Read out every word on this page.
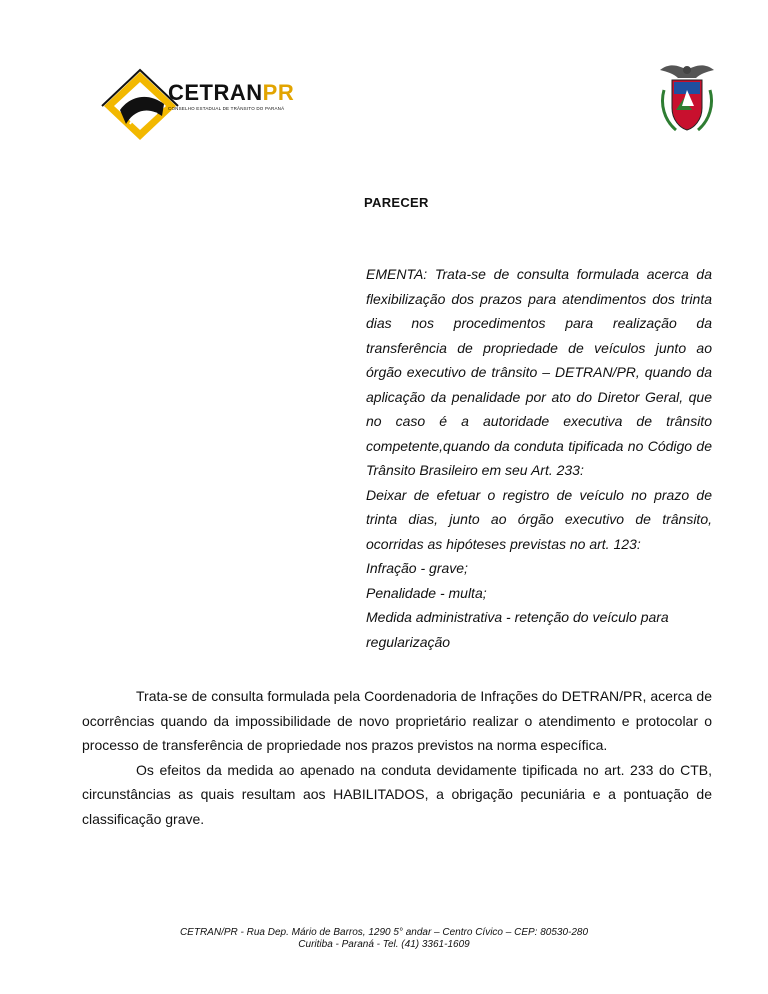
CETRANPR
CONSELHO ESTADUAL DE TRÂNSITO DO PARANÁ
PARECER

EMENTA: Trata-se de consulta formulada acerca da flexibilização dos prazos para atendimentos dos trinta dias nos procedimentos para realização da transferência de propriedade de veículos junto ao órgão executivo de trânsito – DETRAN/PR, quando da aplicação da penalidade por ato do Diretor Geral, que no caso é a autoridade executiva de trânsito competente,quando da conduta tipificada no Código de Trânsito Brasileiro em seu Art. 233:

Deixar de efetuar o registro de veículo no prazo de trinta dias, junto ao órgão executivo de trânsito, ocorridas as hipóteses previstas no art. 123:

Infração - grave;

Penalidade - multa;

Medida administrativa - retenção do veículo para regularização

Trata-se de consulta formulada pela Coordenadoria de Infrações do DETRAN/PR, acerca de ocorrências quando da impossibilidade de novo proprietário realizar o atendimento e protocolar o processo de transferência de propriedade nos prazos previstos na norma específica.

Os efeitos da medida ao apenado na conduta devidamente tipificada no art. 233 do CTB, circunstâncias as quais resultam aos HABILITADOS, a obrigação pecuniária e a pontuação de classificação grave.

CETRAN/PR - Rua Dep. Mário de Barros, 1290 5° andar – Centro Cívico – CEP: 80530-280
Curitiba - Paraná - Tel. (41) 3361-1609
